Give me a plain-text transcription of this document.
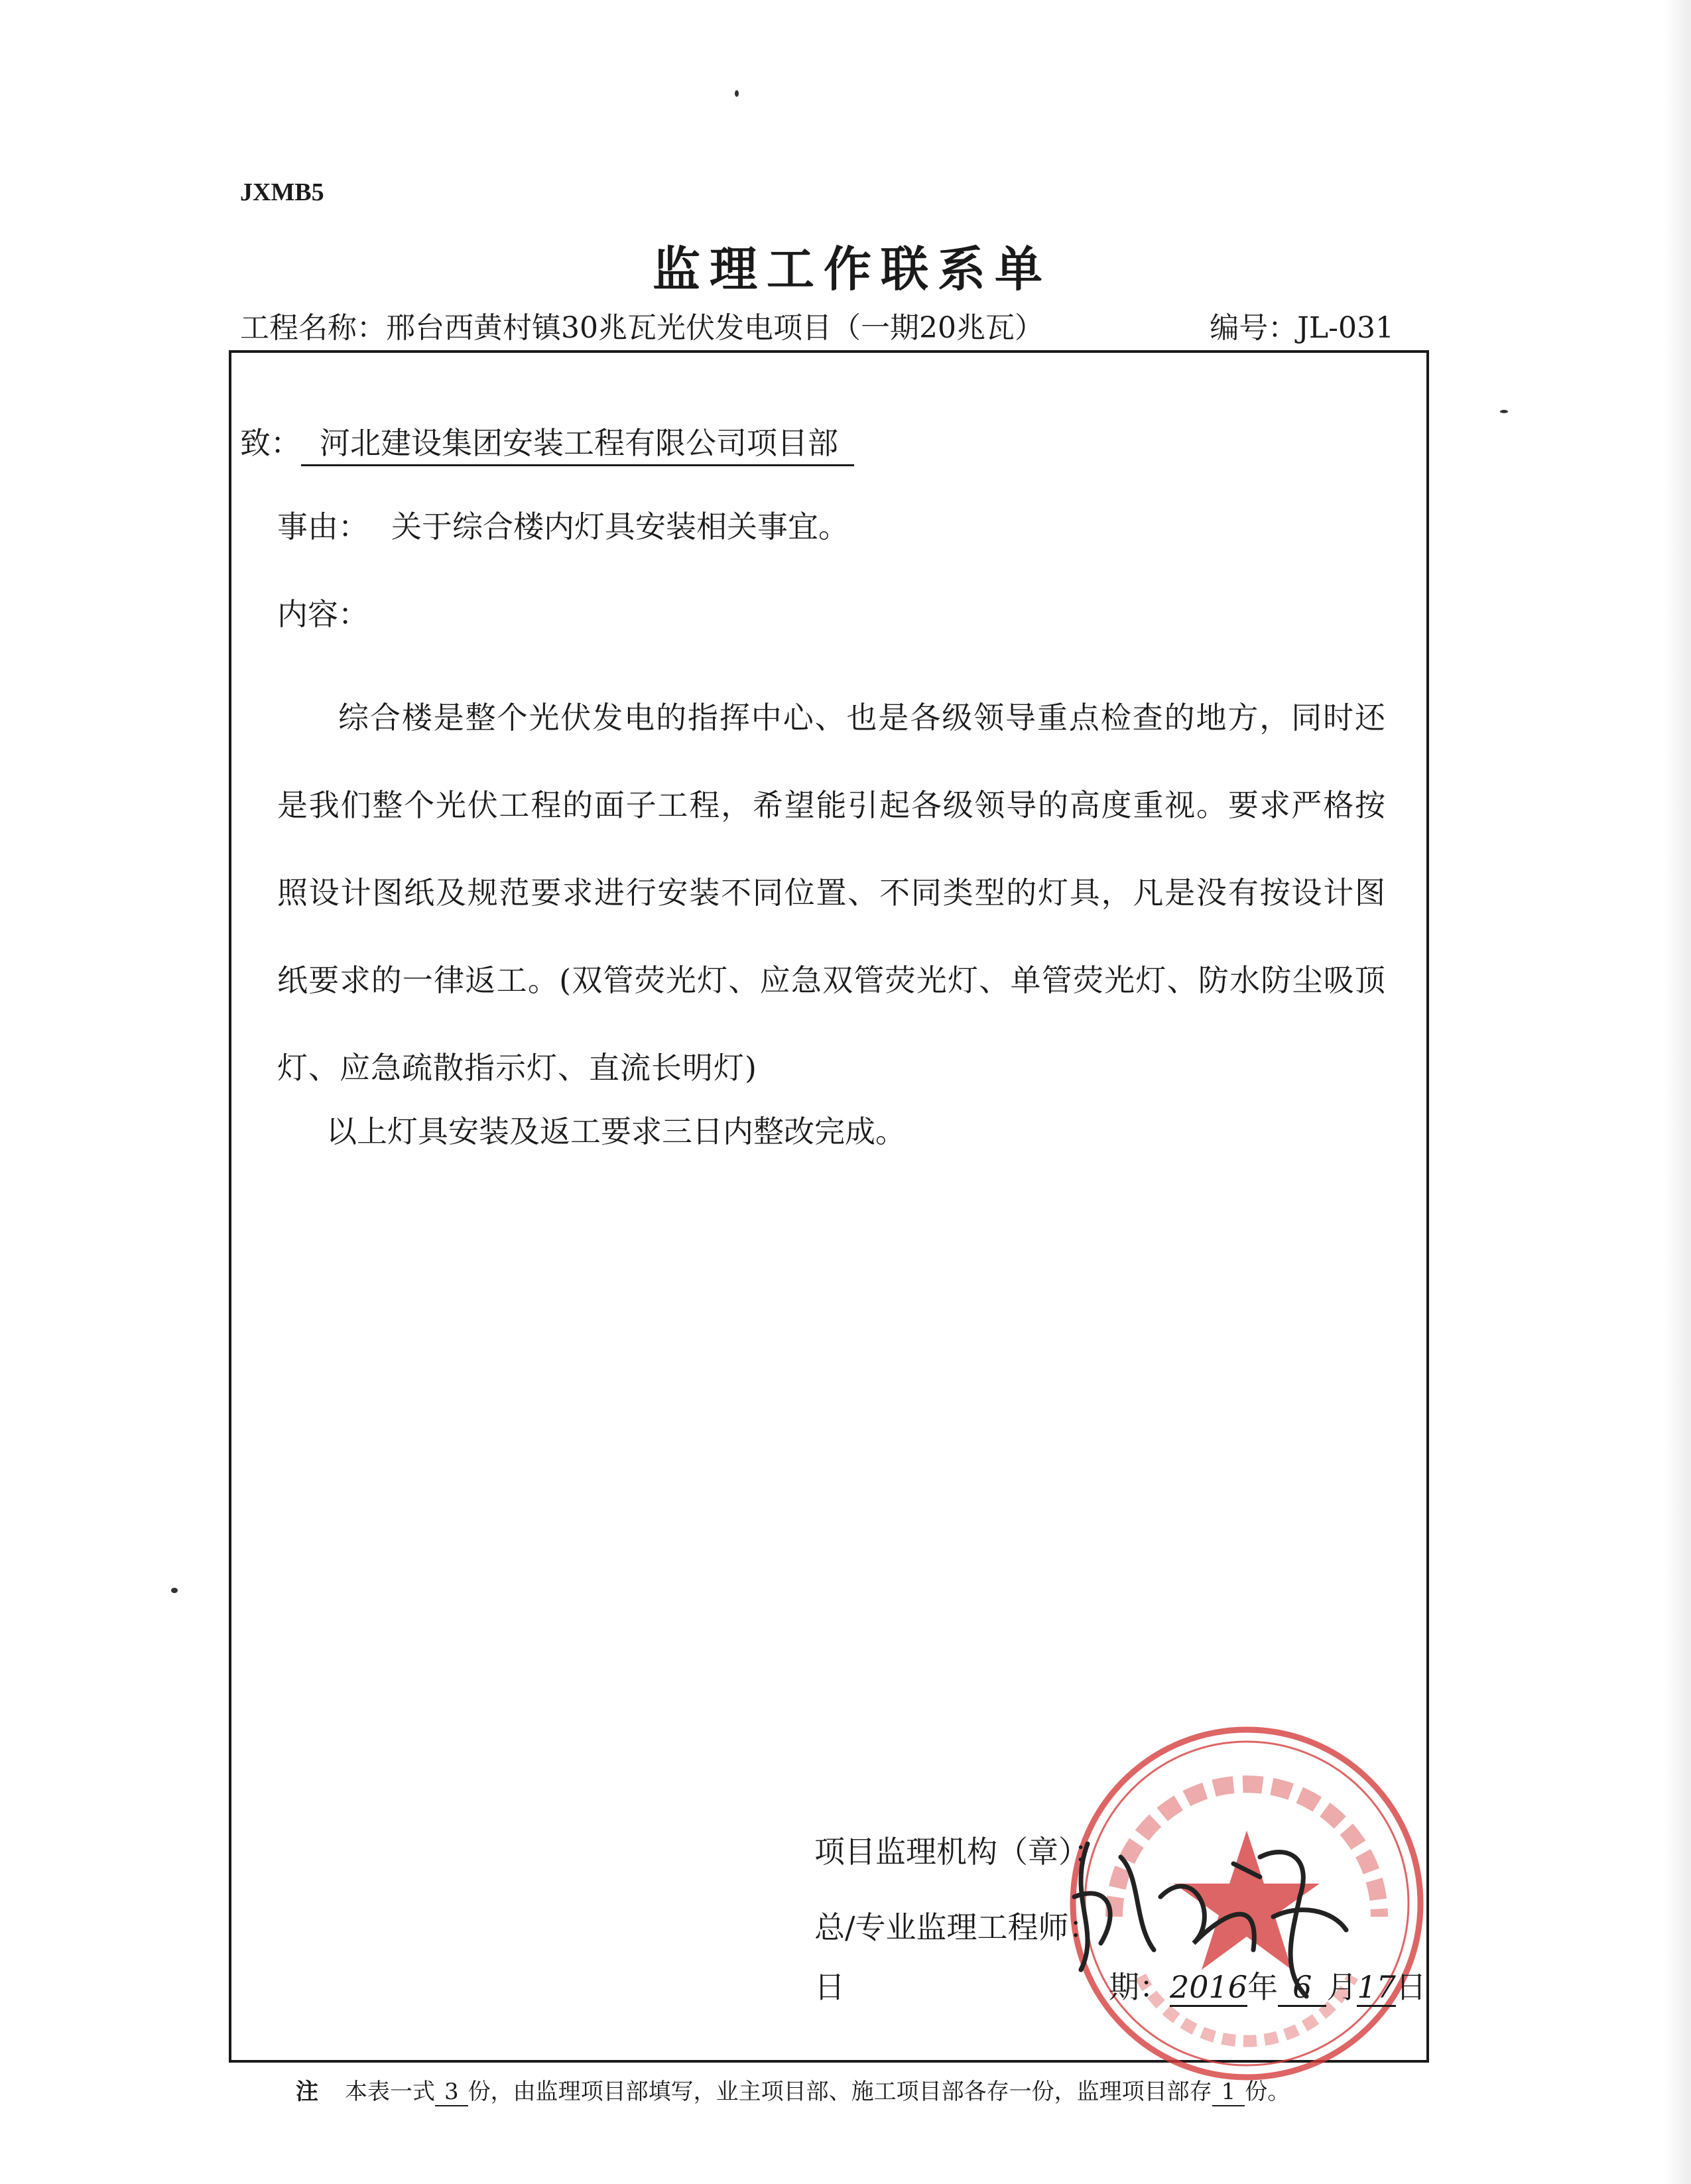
JXMB5
监理工作联系单
工程名称：邢台西黄村镇30兆瓦光伏发电项目（一期20兆瓦）	编号：JL-031
致： 河北建设集团安装工程有限公司项目部
事由： 关于综合楼内灯具安装相关事宜。
内容：
综合楼是整个光伏发电的指挥中心、也是各级领导重点检查的地方，同时还是我们整个光伏工程的面子工程，希望能引起各级领导的高度重视。要求严格按照设计图纸及规范要求进行安装不同位置、不同类型的灯具，凡是没有按设计图纸要求的一律返工。(双管荧光灯、应急双管荧光灯、单管荧光灯、防水防尘吸顶灯、应急疏散指示灯、直流长明灯)
以上灯具安装及返工要求三日内整改完成。
项目监理机构（章）：
总/专业监理工程师：
日	期：2016年 6 月17日
注 本表一式 3 份，由监理项目部填写，业主项目部、施工项目部各存一份，监理项目部存 1 份。
